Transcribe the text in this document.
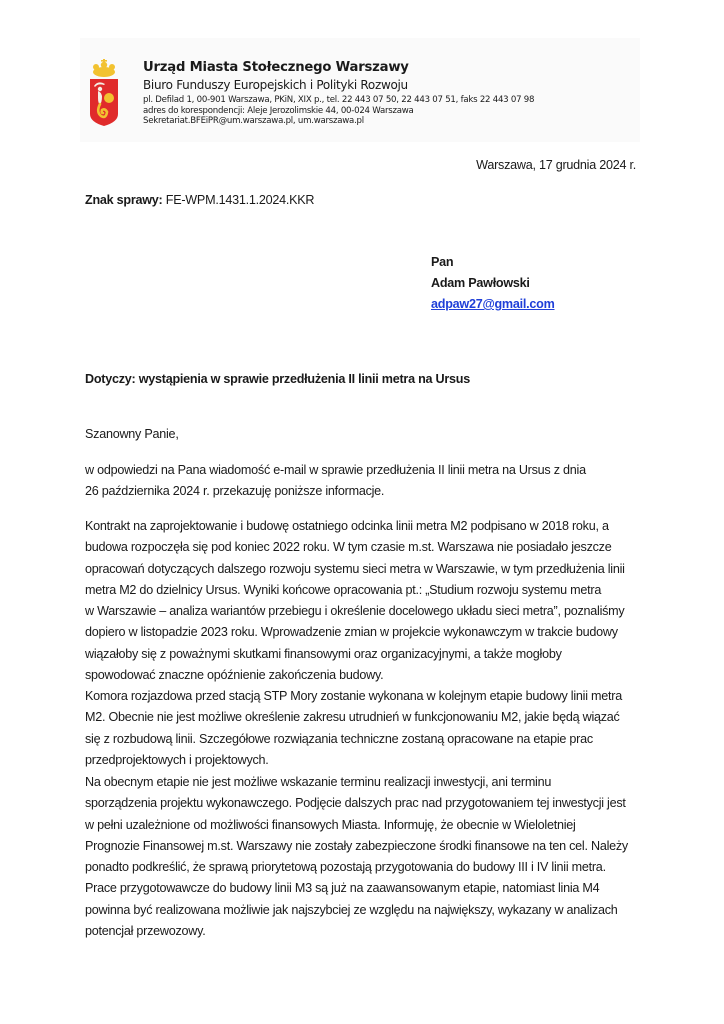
Urząd Miasta Stołecznego Warszawy
Biuro Funduszy Europejskich i Polityki Rozwoju
pl. Defilad 1, 00-901 Warszawa, PKiN, XIX p., tel. 22 443 07 50, 22 443 07 51, faks 22 443 07 98
adres do korespondencji: Aleje Jerozolimskie 44, 00-024 Warszawa
Sekretariat.BFEiPR@um.warszawa.pl, um.warszawa.pl
Warszawa, 17 grudnia 2024 r.
Znak sprawy: FE-WPM.1431.1.2024.KKR
Pan
Adam Pawłowski
adpaw27@gmail.com
Dotyczy: wystąpienia w sprawie przedłużenia II linii metra na Ursus
Szanowny Panie,
w odpowiedzi na Pana wiadomość e-mail w sprawie przedłużenia II linii metra na Ursus z dnia
26 października 2024 r. przekazuję poniższe informacje.
Kontrakt na zaprojektowanie i budowę ostatniego odcinka linii metra M2 podpisano w 2018 roku, a
budowa rozpoczęła się pod koniec 2022 roku. W tym czasie m.st. Warszawa nie posiadało jeszcze
opracowań dotyczących dalszego rozwoju systemu sieci metra w Warszawie, w tym przedłużenia linii
metra M2 do dzielnicy Ursus. Wyniki końcowe opracowania pt.: „Studium rozwoju systemu metra
w Warszawie – analiza wariantów przebiegu i określenie docelowego układu sieci metra”, poznaliśmy
dopiero w listopadzie 2023 roku. Wprowadzenie zmian w projekcie wykonawczym w trakcie budowy
wiązałoby się z poważnymi skutkami finansowymi oraz organizacyjnymi, a także mogłoby
spowodować znaczne opóźnienie zakończenia budowy.
Komora rozjazdowa przed stacją STP Mory zostanie wykonana w kolejnym etapie budowy linii metra
M2. Obecnie nie jest możliwe określenie zakresu utrudnień w funkcjonowaniu M2, jakie będą wiązać
się z rozbudową linii. Szczegółowe rozwiązania techniczne zostaną opracowane na etapie prac
przedprojektowych i projektowych.
Na obecnym etapie nie jest możliwe wskazanie terminu realizacji inwestycji, ani terminu
sporządzenia projektu wykonawczego. Podjęcie dalszych prac nad przygotowaniem tej inwestycji jest
w pełni uzależnione od możliwości finansowych Miasta. Informuję, że obecnie w Wieloletniej
Prognozie Finansowej m.st. Warszawy nie zostały zabezpieczone środki finansowe na ten cel. Należy
ponadto podkreślić, że sprawą priorytetową pozostają przygotowania do budowy III i IV linii metra.
Prace przygotowawcze do budowy linii M3 są już na zaawansowanym etapie, natomiast linia M4
powinna być realizowana możliwie jak najszybciej ze względu na największy, wykazany w analizach
potencjał przewozowy.
